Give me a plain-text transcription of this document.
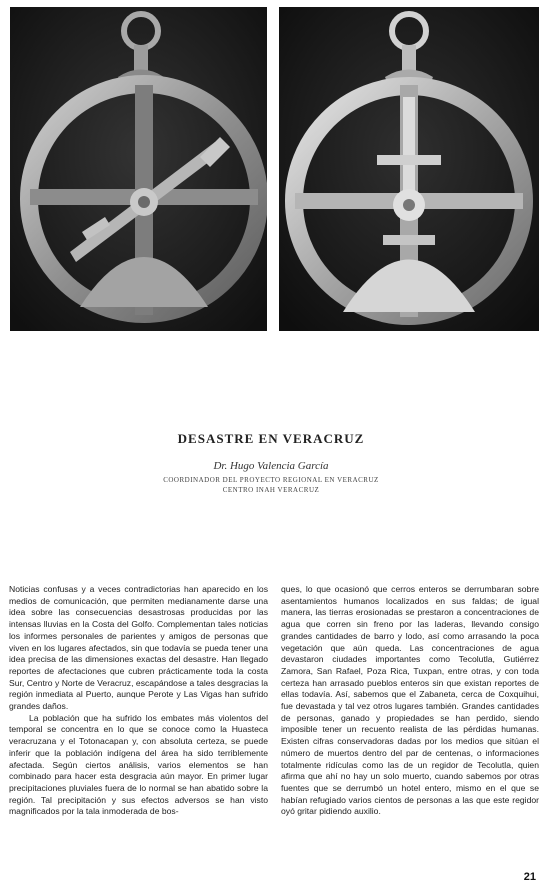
DESASTRE EN VERACRUZ
Dr. Hugo Valencia García
COORDINADOR DEL PROYECTO REGIONAL EN VERACRUZ
CENTRO INAH VERACRUZ

Noticias confusas y a veces contradictorias han aparecido en los medios de comunicación, que permiten medianamente darse una idea sobre las consecuencias desastrosas producidas por las intensas lluvias en la Costa del Golfo. Complementan tales noticias los informes personales de parientes y amigos de personas que viven en los lugares afectados, sin que todavía se pueda tener una idea precisa de las dimensiones exactas del desastre. Han llegado reportes de afectaciones que cubren prácticamente toda la costa Sur, Centro y Norte de Veracruz, escapándose a tales desgracias la región inmediata al Puerto, aunque Perote y Las Vigas han sufrido grandes daños.

La población que ha sufrido los embates más violentos del temporal se concentra en lo que se conoce como la Huasteca veracruzana y el Totonacapan y, con absoluta certeza, se puede inferir que la población indígena del área ha sido terriblemente afectada. Según ciertos análisis, varios elementos se han combinado para hacer esta desgracia aún mayor. En primer lugar precipitaciones pluviales fuera de lo normal se han abatido sobre la región. Tal precipitación y sus efectos adversos se han visto magnificados por la tala inmoderada de bos-

ques, lo que ocasionó que cerros enteros se derrumbaran sobre asentamientos humanos localizados en sus faldas; de igual manera, las tierras erosionadas se prestaron a concentraciones de agua que corren sin freno por las laderas, llevando consigo grandes cantidades de barro y lodo, así como arrasando la poca vegetación que aún queda. Las concentraciones de agua devastaron ciudades importantes como Tecolutla, Gutiérrez Zamora, San Rafael, Poza Rica, Tuxpan, entre otras, y con toda certeza han arrasado pueblos enteros sin que existan reportes de ellas todavía. Así, sabemos que el Zabaneta, cerca de Coxquihui, fue devastada y tal vez otros lugares también. Grandes cantidades de personas, ganado y propiedades se han perdido, siendo imposible tener un recuento realista de las pérdidas humanas. Existen cifras conservadoras dadas por los medios que sitúan el número de muertos dentro del par de centenas, o informaciones totalmente ridículas como las de un regidor de Tecolutla, quien afirma que ahí no hay un solo muerto, cuando sabemos por otras fuentes que se derrumbó un hotel entero, mismo en el que se habían refugiado varios cientos de personas a las que este regidor oyó gritar pidiendo auxilio.

21
